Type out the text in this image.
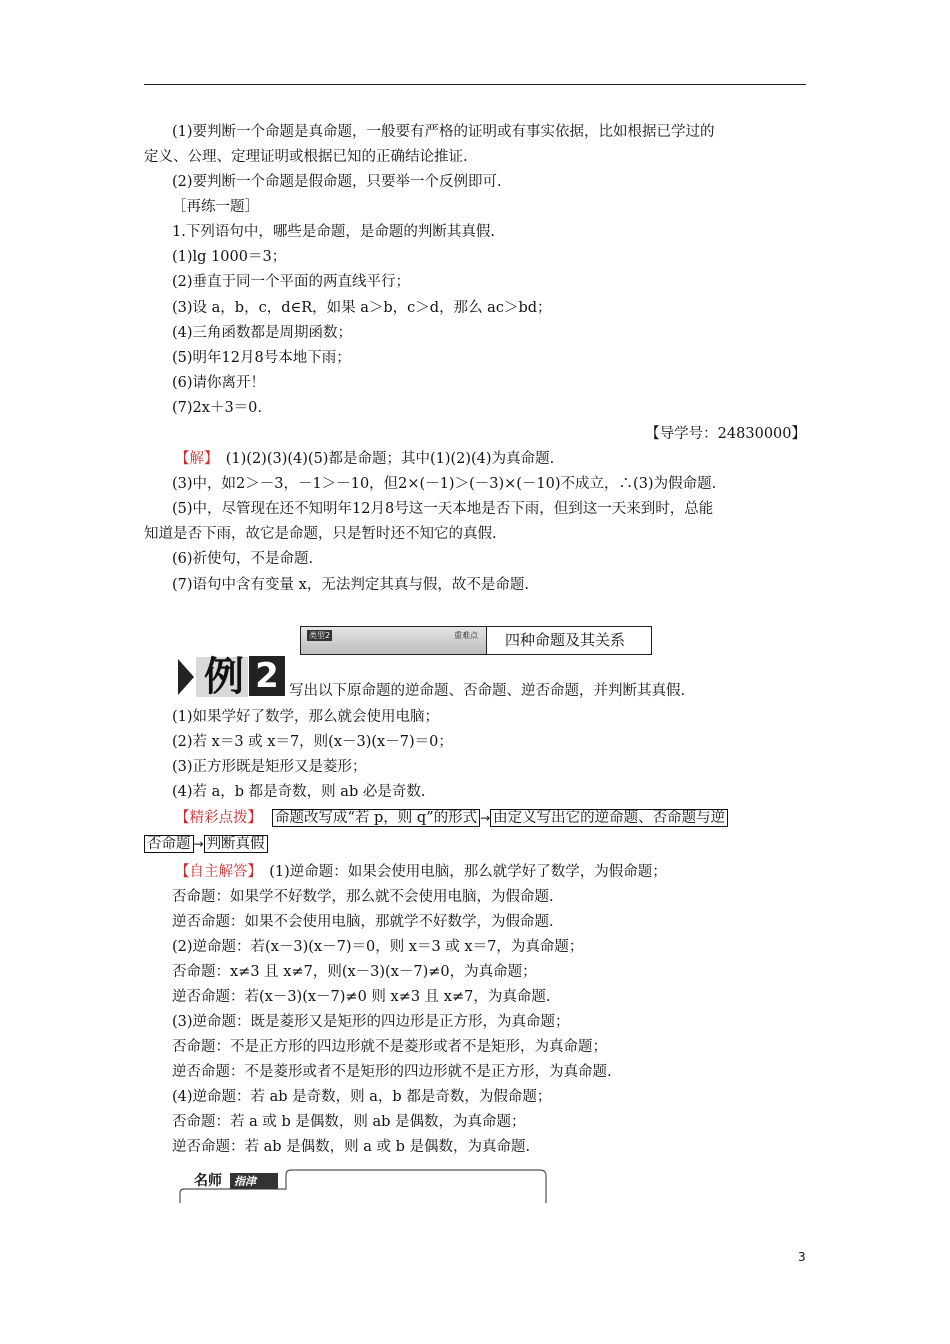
(1)要判断一个命题是真命题，一般要有严格的证明或有事实依据，比如根据已学过的
定义、公理、定理证明或根据已知的正确结论推证.
(2)要判断一个命题是假命题，只要举一个反例即可.
［再练一题］
1.下列语句中，哪些是命题，是命题的判断其真假.
(1)lg 1000＝3；
(2)垂直于同一个平面的两直线平行；
(3)设 a，b，c，d∈R，如果 a＞b，c＞d，那么 ac＞bd；
(4)三角函数都是周期函数；
(5)明年12月8号本地下雨；
(6)请你离开！
(7)2x＋3＝0.
【导学号：24830000】
【解】　(1)(2)(3)(4)(5)都是命题；其中(1)(2)(4)为真命题.
(3)中，如2＞－3，－1＞－10，但2×(－1)＞(－3)×(－10)不成立，∴(3)为假命题.
(5)中，尽管现在还不知明年12月8号这一天本地是否下雨，但到这一天来到时，总能
知道是否下雨，故它是命题，只是暂时还不知它的真假.
(6)祈使句，不是命题.
(7)语句中含有变量 x，无法判定其真与假，故不是命题.
类型2	重难点	四种命题及其关系
例 2 写出以下原命题的逆命题、否命题、逆否命题，并判断其真假.
(1)如果学好了数学，那么就会使用电脑；
(2)若 x＝3 或 x＝7，则(x－3)(x－7)＝0；
(3)正方形既是矩形又是菱形；
(4)若 a，b 都是奇数，则 ab 必是奇数.
【精彩点拨】 命题改写成“若 p，则 q”的形式 → 由定义写出它的逆命题、否命题与逆
否命题 → 判断真假
【自主解答】　(1)逆命题：如果会使用电脑，那么就学好了数学，为假命题；
否命题：如果学不好数学，那么就不会使用电脑，为假命题.
逆否命题：如果不会使用电脑，那就学不好数学，为假命题.
(2)逆命题：若(x－3)(x－7)＝0，则 x＝3 或 x＝7，为真命题；
否命题：x≠3 且 x≠7，则(x－3)(x－7)≠0，为真命题；
逆否命题：若(x－3)(x－7)≠0 则 x≠3 且 x≠7，为真命题.
(3)逆命题：既是菱形又是矩形的四边形是正方形，为真命题；
否命题：不是正方形的四边形就不是菱形或者不是矩形，为真命题；
逆否命题：不是菱形或者不是矩形的四边形就不是正方形，为真命题.
(4)逆命题：若 ab 是奇数，则 a，b 都是奇数，为假命题；
否命题：若 a 或 b 是偶数，则 ab 是偶数，为真命题；
逆否命题：若 ab 是偶数，则 a 或 b 是偶数，为真命题.
名师 指津
3
